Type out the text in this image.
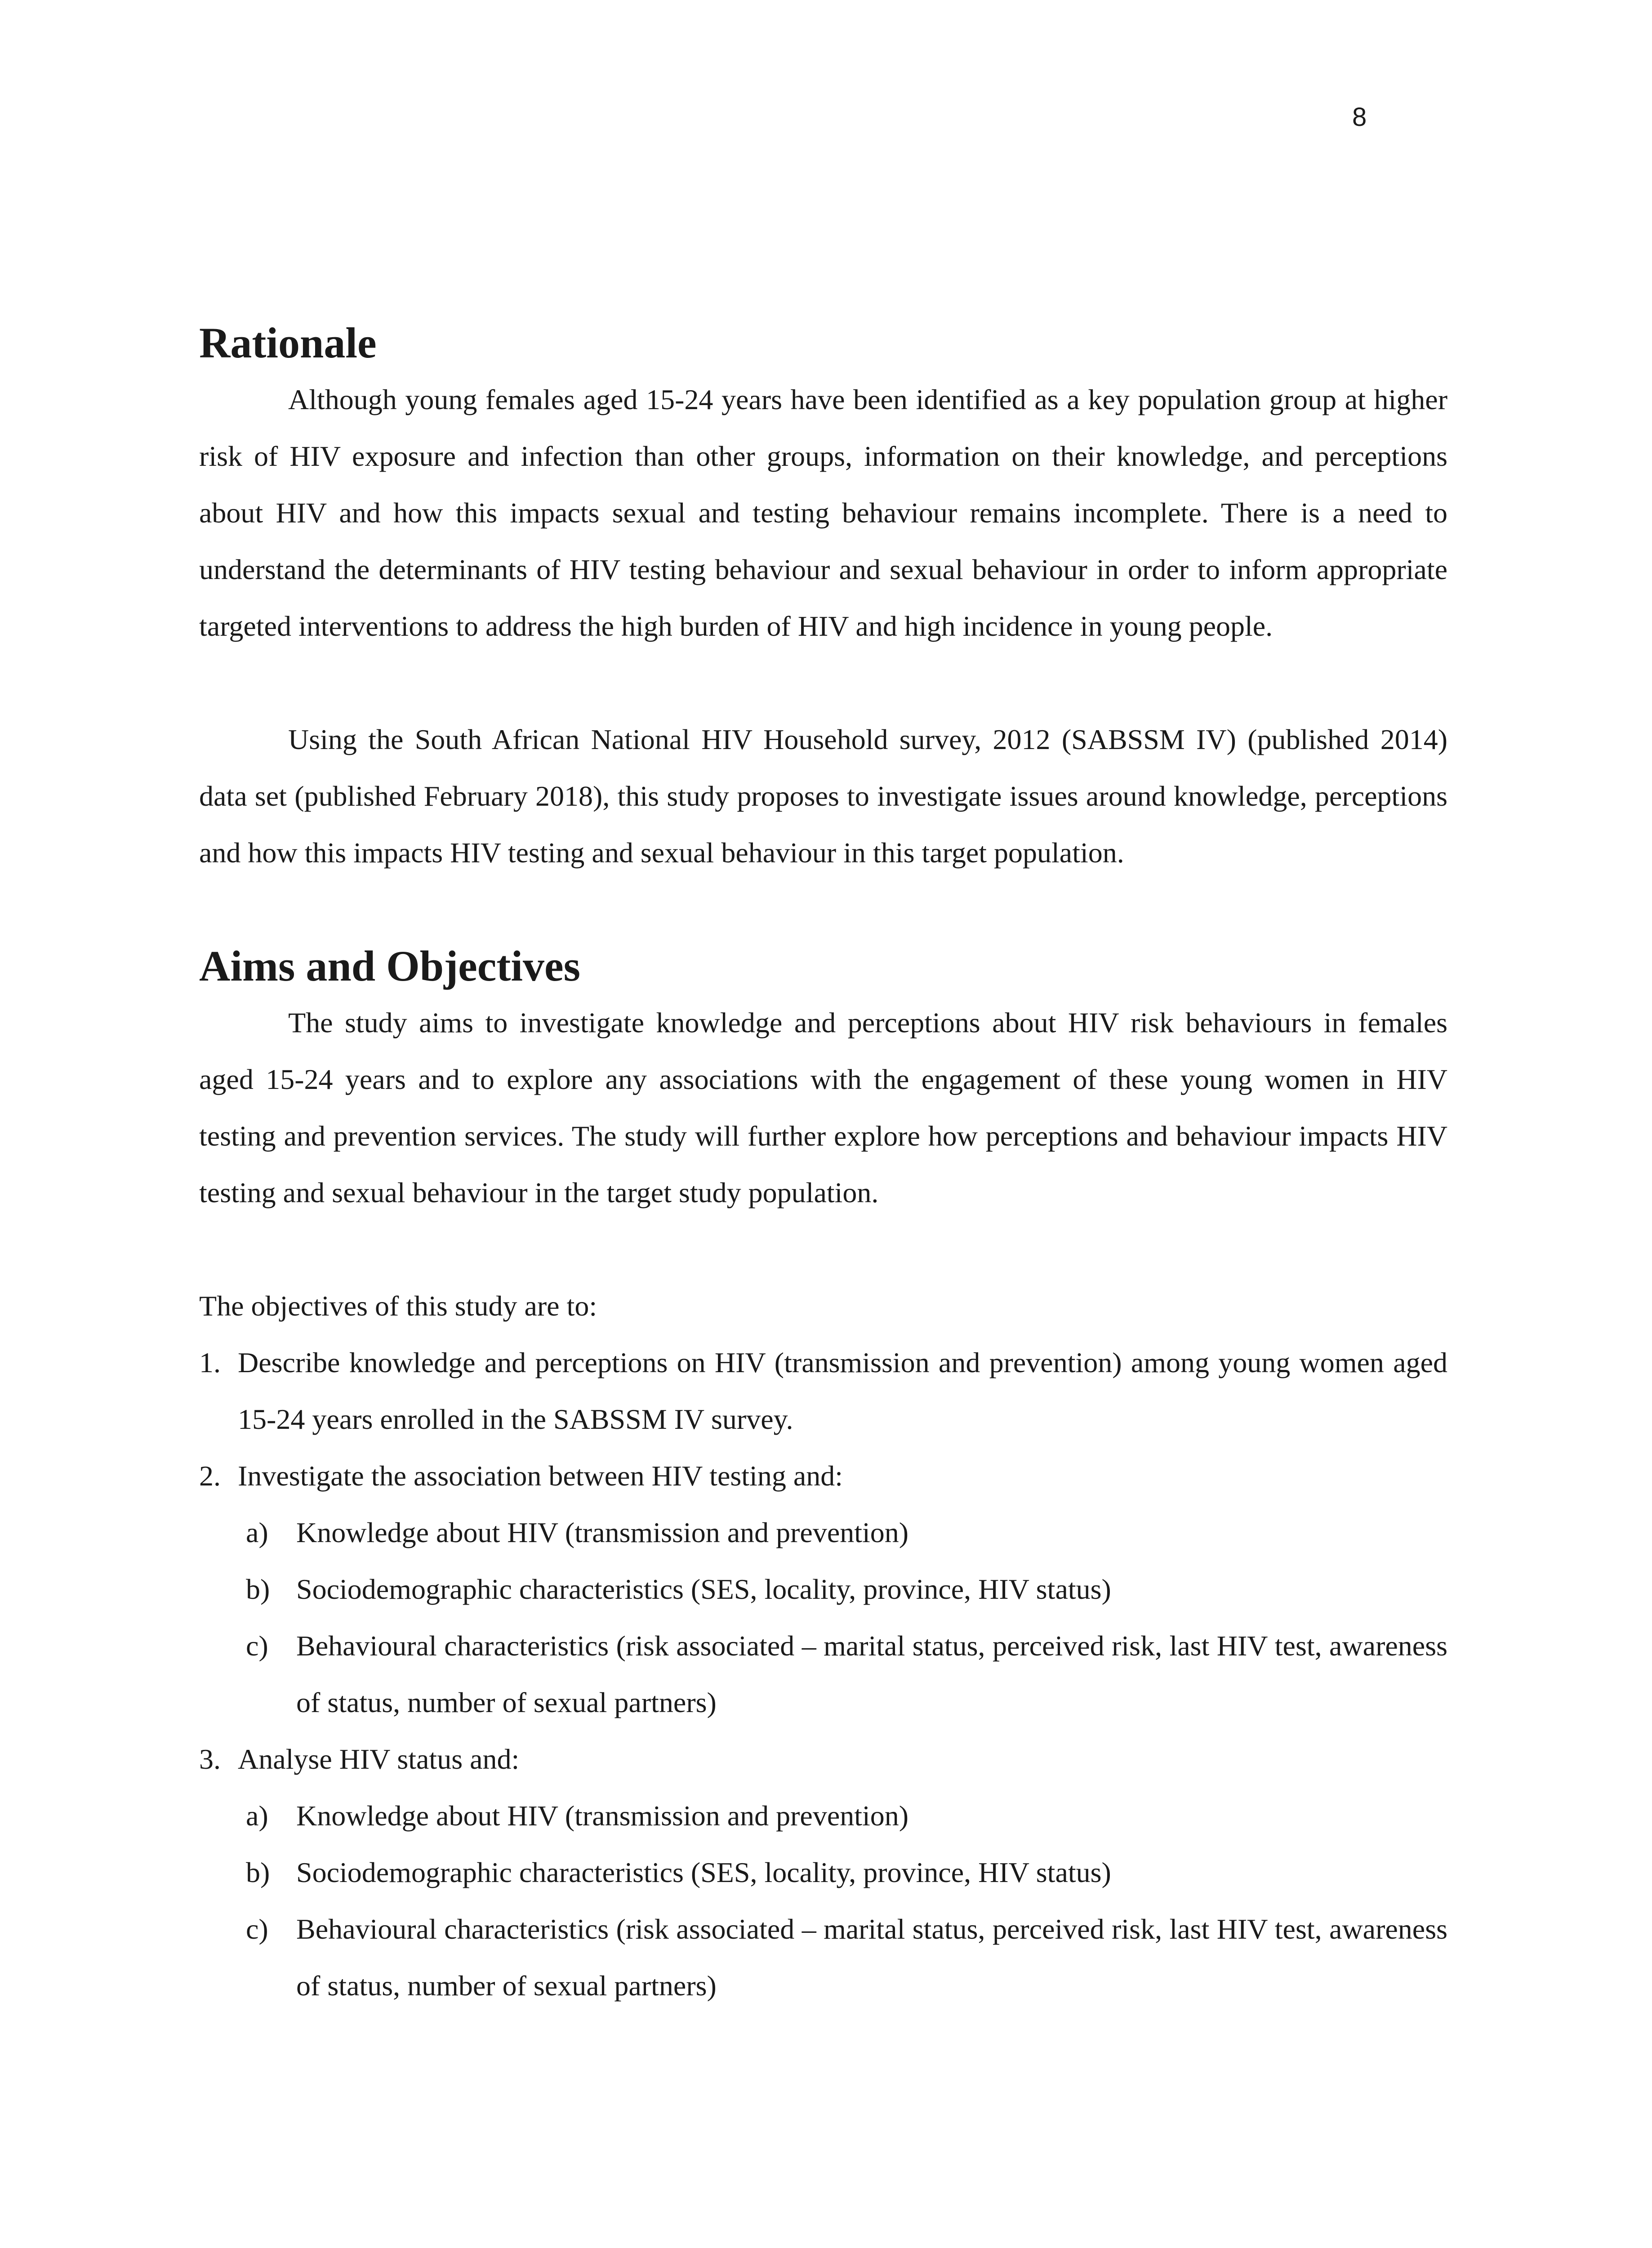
8
Rationale

Although young females aged 15-24 years have been identified as a key population group at higher risk of HIV exposure and infection than other groups, information on their knowledge, and perceptions about HIV and how this impacts sexual and testing behaviour remains incomplete. There is a need to understand the determinants of HIV testing behaviour and sexual behaviour in order to inform appropriate targeted interventions to address the high burden of HIV and high incidence in young people.

Using the South African National HIV Household survey, 2012 (SABSSM IV) (published 2014) data set (published February 2018), this study proposes to investigate issues around knowledge, perceptions and how this impacts HIV testing and sexual behaviour in this target population.

Aims and Objectives

The study aims to investigate knowledge and perceptions about HIV risk behaviours in females aged 15-24 years and to explore any associations with the engagement of these young women in HIV testing and prevention services. The study will further explore how perceptions and behaviour impacts HIV testing and sexual behaviour in the target study population.

The objectives of this study are to:

1. Describe knowledge and perceptions on HIV (transmission and prevention) among young women aged 15-24 years enrolled in the SABSSM IV survey.
2. Investigate the association between HIV testing and:
a) Knowledge about HIV (transmission and prevention)
b) Sociodemographic characteristics (SES, locality, province, HIV status)
c) Behavioural characteristics (risk associated – marital status, perceived risk, last HIV test, awareness of status, number of sexual partners)
3. Analyse HIV status and:
a) Knowledge about HIV (transmission and prevention)
b) Sociodemographic characteristics (SES, locality, province, HIV status)
c) Behavioural characteristics (risk associated – marital status, perceived risk, last HIV test, awareness of status, number of sexual partners)
